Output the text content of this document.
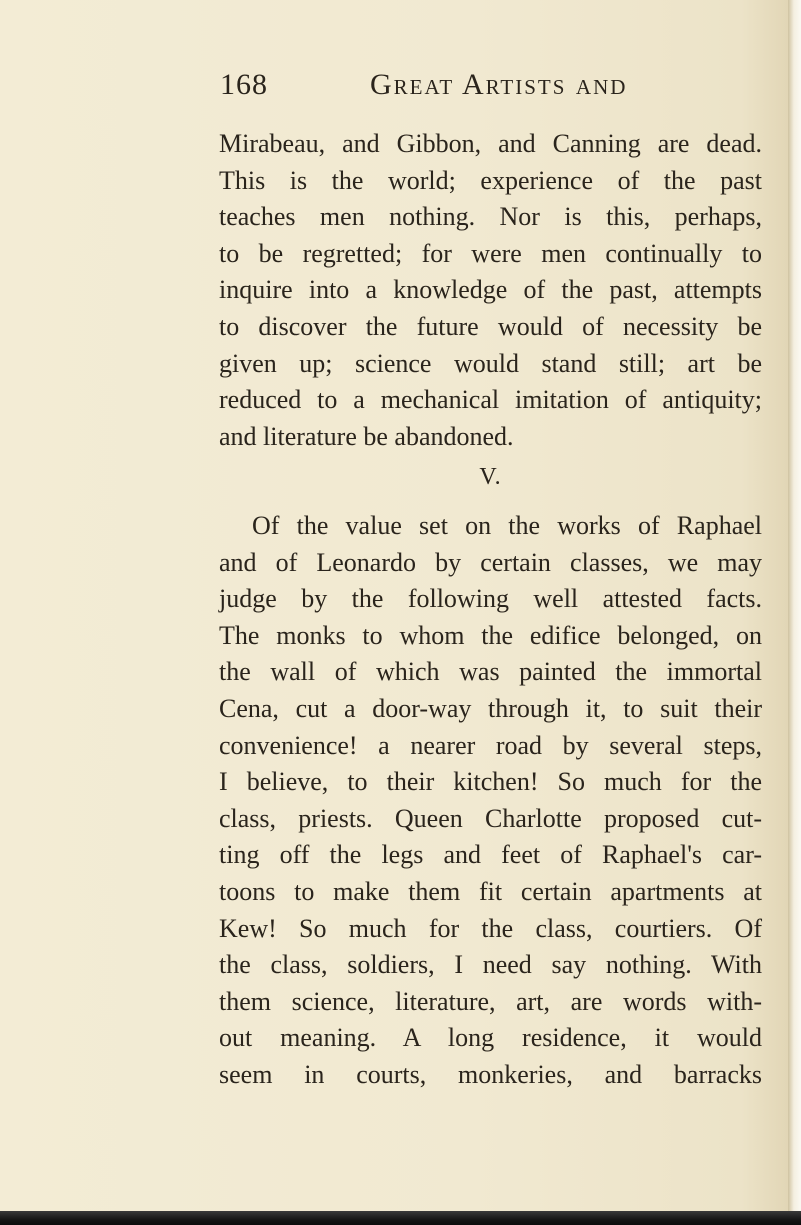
168	Great Artists and
Mirabeau, and Gibbon, and Canning are dead.
This is the world; experience of the past
teaches men nothing. Nor is this, perhaps,
to be regretted; for were men continually to
inquire into a knowledge of the past, attempts
to discover the future would of necessity be
given up; science would stand still; art be
reduced to a mechanical imitation of antiquity;
and literature be abandoned.
V.
Of the value set on the works of Raphael
and of Leonardo by certain classes, we may
judge by the following well attested facts.
The monks to whom the edifice belonged, on
the wall of which was painted the immortal
Cena, cut a door-way through it, to suit their
convenience! a nearer road by several steps,
I believe, to their kitchen! So much for the
class, priests. Queen Charlotte proposed cut-
ting off the legs and feet of Raphael's car-
toons to make them fit certain apartments at
Kew! So much for the class, courtiers. Of
the class, soldiers, I need say nothing. With
them science, literature, art, are words with-
out meaning. A long residence, it would
seem in courts, monkeries, and barracks
